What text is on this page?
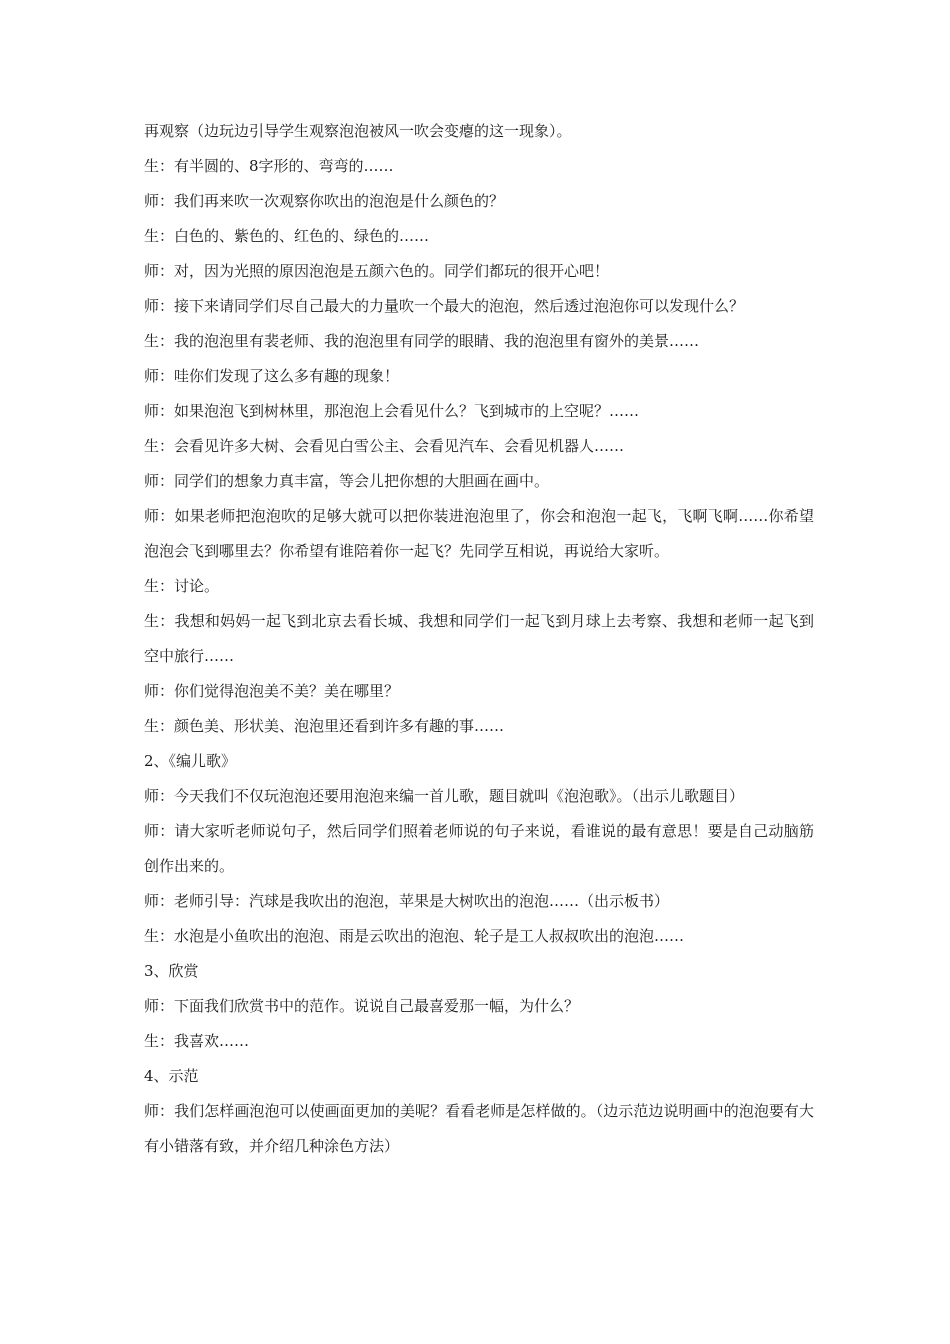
再观察（边玩边引导学生观察泡泡被风一吹会变瘪的这一现象）。

生：有半圆的、8字形的、弯弯的……

师：我们再来吹一次观察你吹出的泡泡是什么颜色的？

生：白色的、紫色的、红色的、绿色的……

师：对，因为光照的原因泡泡是五颜六色的。同学们都玩的很开心吧！

师：接下来请同学们尽自己最大的力量吹一个最大的泡泡，然后透过泡泡你可以发现什么？

生：我的泡泡里有裴老师、我的泡泡里有同学的眼睛、我的泡泡里有窗外的美景……

师：哇你们发现了这么多有趣的现象！

师：如果泡泡飞到树林里，那泡泡上会看见什么？飞到城市的上空呢？……

生：会看见许多大树、会看见白雪公主、会看见汽车、会看见机器人……

师：同学们的想象力真丰富，等会儿把你想的大胆画在画中。

师：如果老师把泡泡吹的足够大就可以把你装进泡泡里了，你会和泡泡一起飞，飞啊飞啊……你希望泡泡会飞到哪里去？你希望有谁陪着你一起飞？先同学互相说，再说给大家听。

生：讨论。

生：我想和妈妈一起飞到北京去看长城、我想和同学们一起飞到月球上去考察、我想和老师一起飞到空中旅行……

师：你们觉得泡泡美不美？美在哪里？

生：颜色美、形状美、泡泡里还看到许多有趣的事……

2、《编儿歌》

师：今天我们不仅玩泡泡还要用泡泡来编一首儿歌，题目就叫《泡泡歌》。（出示儿歌题目）

师：请大家听老师说句子，然后同学们照着老师说的句子来说，看谁说的最有意思！要是自己动脑筋创作出来的。

师：老师引导：汽球是我吹出的泡泡，苹果是大树吹出的泡泡……（出示板书）

生：水泡是小鱼吹出的泡泡、雨是云吹出的泡泡、轮子是工人叔叔吹出的泡泡……

3、欣赏

师：下面我们欣赏书中的范作。说说自己最喜爱那一幅，为什么？

生：我喜欢……

4、示范

师：我们怎样画泡泡可以使画面更加的美呢？看看老师是怎样做的。（边示范边说明画中的泡泡要有大有小错落有致，并介绍几种涂色方法）
